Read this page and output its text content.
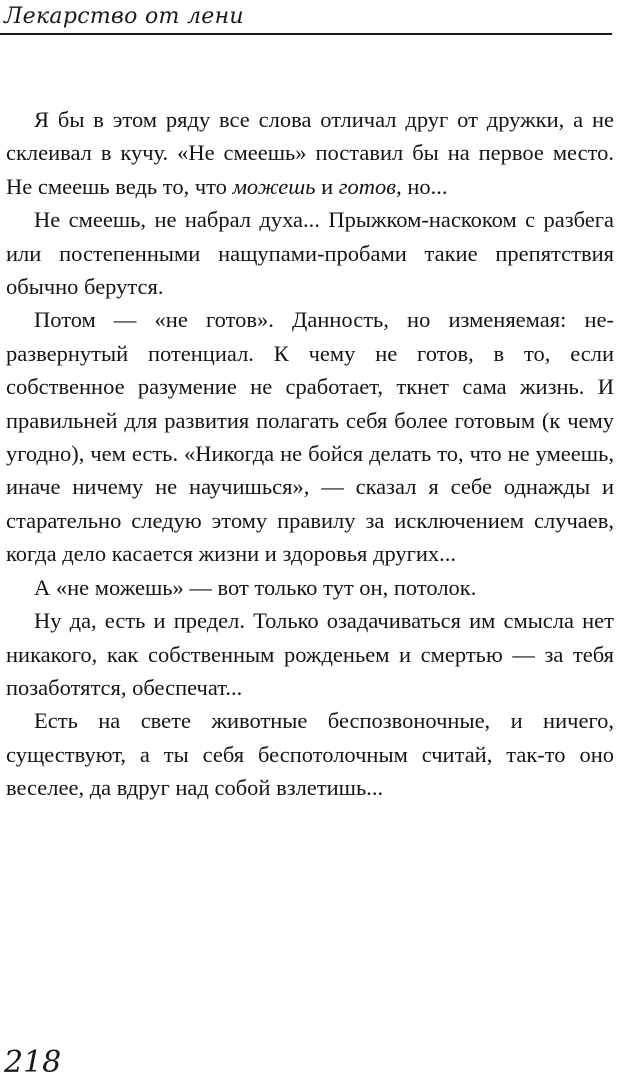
Лекарство от лени

Я бы в этом ряду все слова отличал друг от дружки, а не склеивал в кучу. «Не смеешь» поставил бы на первое место. Не смеешь ведь то, что можешь и готов, но...

Не смеешь, не набрал духа... Прыжком-наскоком с разбега или постепенными нащупами-пробами такие препятствия обычно берутся.

Потом — «не готов». Данность, но изменяемая: неразвернутый потенциал. К чему не готов, в то, если собственное разумение не сработает, ткнет сама жизнь. И правильней для развития полагать себя более готовым (к чему угодно), чем есть. «Никогда не бойся делать то, что не умеешь, иначе ничему не научишься», — сказал я себе однажды и старательно следую этому правилу за исключением случаев, когда дело касается жизни и здоровья других...

А «не можешь» — вот только тут он, потолок.

Ну да, есть и предел. Только озадачиваться им смысла нет никакого, как собственным рожденьем и смертью — за тебя позаботятся, обеспечат...

Есть на свете животные беспозвоночные, и ничего, существуют, а ты себя беспотолочным считай, так-то оно веселее, да вдруг над собой взлетишь...

218
